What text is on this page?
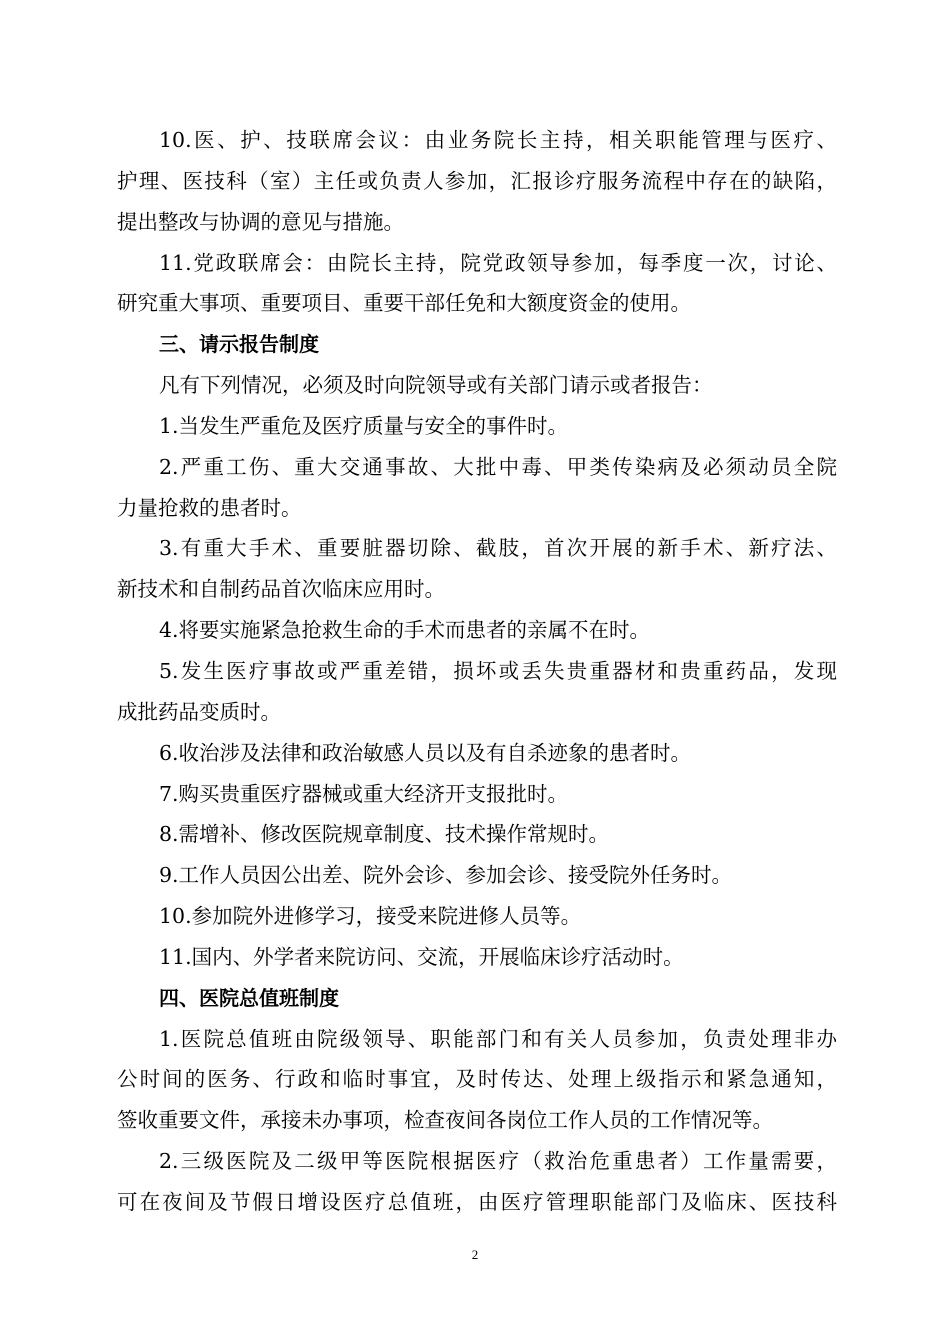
10.医、护、技联席会议：由业务院长主持，相关职能管理与医疗、
护理、医技科（室）主任或负责人参加，汇报诊疗服务流程中存在的缺陷，
提出整改与协调的意见与措施。
11.党政联席会：由院长主持，院党政领导参加，每季度一次，讨论、
研究重大事项、重要项目、重要干部任免和大额度资金的使用。
三、请示报告制度
凡有下列情况，必须及时向院领导或有关部门请示或者报告：
1.当发生严重危及医疗质量与安全的事件时。
2.严重工伤、重大交通事故、大批中毒、甲类传染病及必须动员全院
力量抢救的患者时。
3.有重大手术、重要脏器切除、截肢，首次开展的新手术、新疗法、
新技术和自制药品首次临床应用时。
4.将要实施紧急抢救生命的手术而患者的亲属不在时。
5.发生医疗事故或严重差错，损坏或丢失贵重器材和贵重药品，发现
成批药品变质时。
6.收治涉及法律和政治敏感人员以及有自杀迹象的患者时。
7.购买贵重医疗器械或重大经济开支报批时。
8.需增补、修改医院规章制度、技术操作常规时。
9.工作人员因公出差、院外会诊、参加会诊、接受院外任务时。
10.参加院外进修学习，接受来院进修人员等。
11.国内、外学者来院访问、交流，开展临床诊疗活动时。
四、医院总值班制度
1.医院总值班由院级领导、职能部门和有关人员参加，负责处理非办
公时间的医务、行政和临时事宜，及时传达、处理上级指示和紧急通知，
签收重要文件，承接未办事项，检查夜间各岗位工作人员的工作情况等。
2.三级医院及二级甲等医院根据医疗（救治危重患者）工作量需要，
可在夜间及节假日增设医疗总值班，由医疗管理职能部门及临床、医技科
2
